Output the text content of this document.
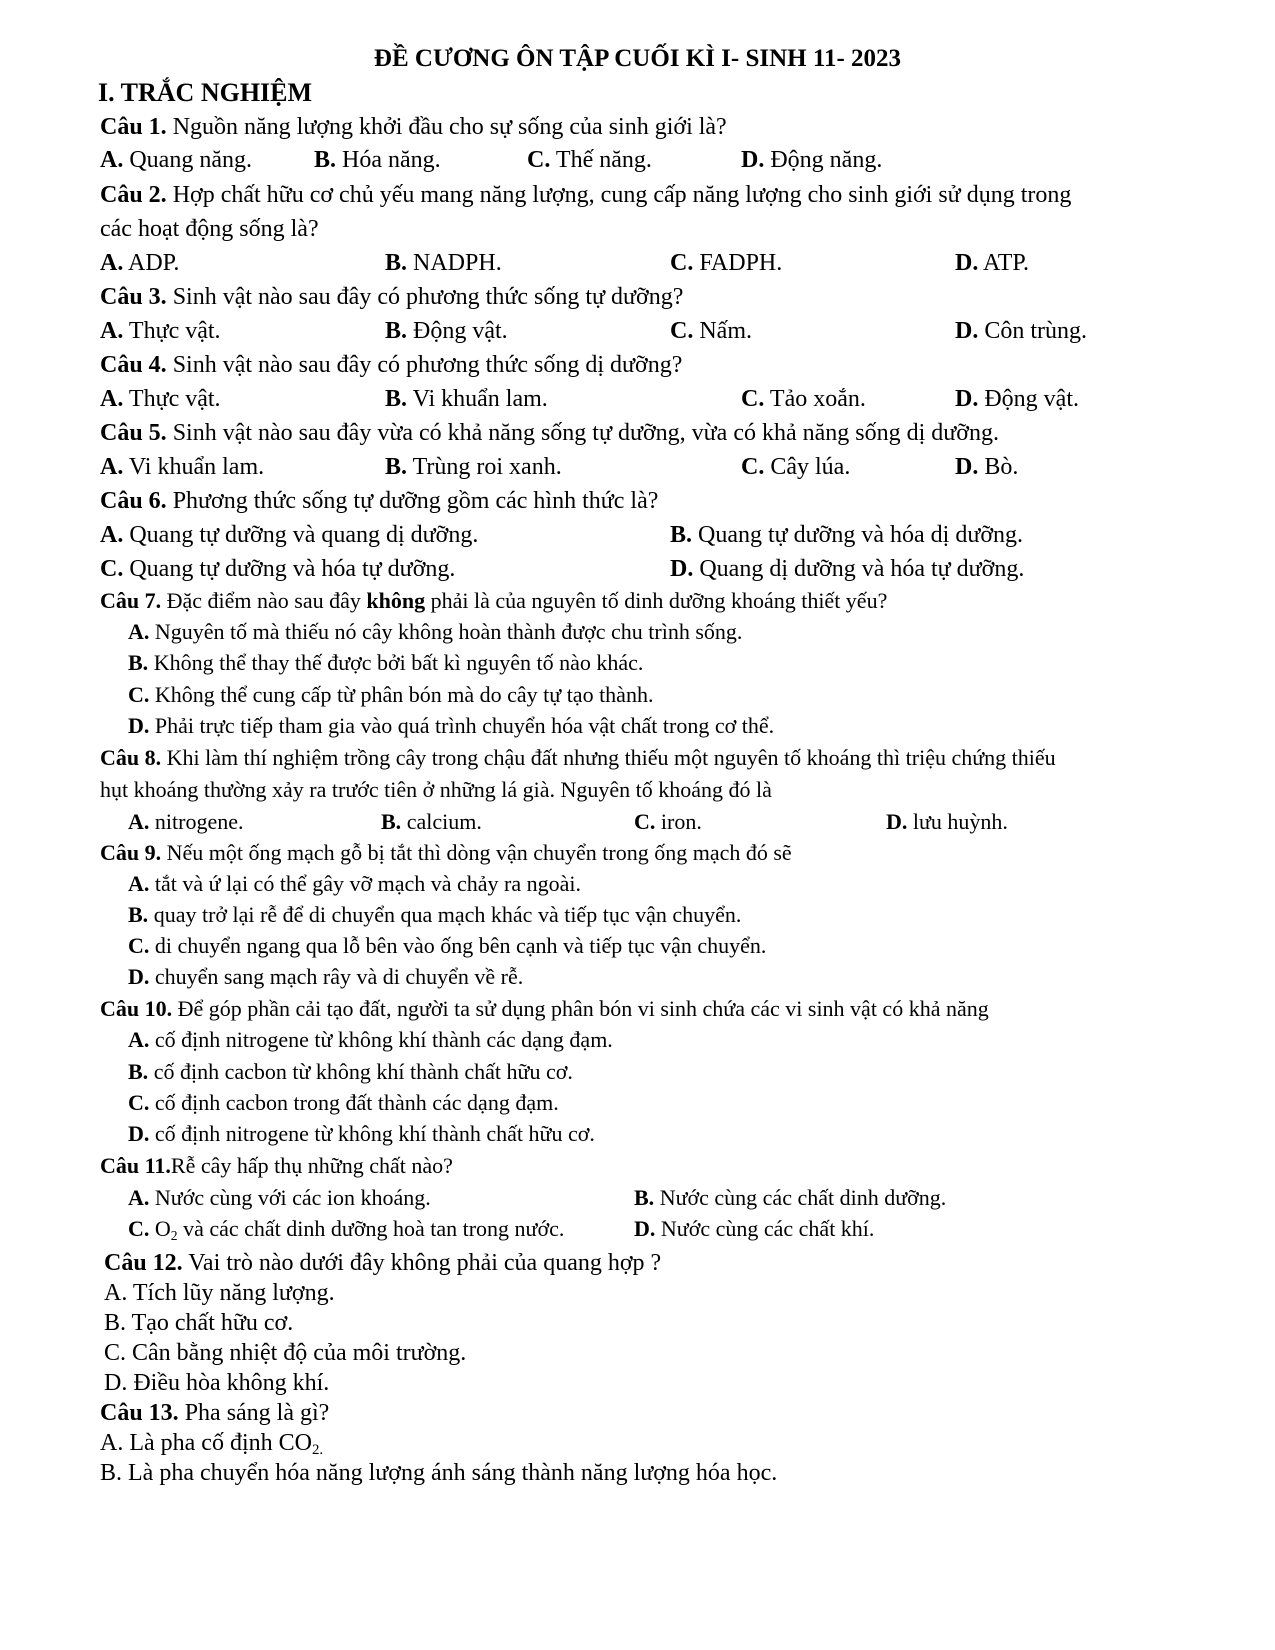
ĐỀ CƯƠNG ÔN TẬP CUỐI KÌ I- SINH 11- 2023
I. TRẮC NGHIỆM
Câu 1. Nguồn năng lượng khởi đầu cho sự sống của sinh giới là?
A. Quang năng.	B. Hóa năng.	C. Thế năng.	D. Động năng.
Câu 2. Hợp chất hữu cơ chủ yếu mang năng lượng, cung cấp năng lượng cho sinh giới sử dụng trong
các hoạt động sống là?
A. ADP.	B. NADPH.	C. FADPH.	D. ATP.
Câu 3. Sinh vật nào sau đây có phương thức sống tự dưỡng?
A. Thực vật.	B. Động vật.	C. Nấm.	D. Côn trùng.
Câu 4. Sinh vật nào sau đây có phương thức sống dị dưỡng?
A. Thực vật.	B. Vi khuẩn lam.	C. Tảo xoắn.	D. Động vật.
Câu 5. Sinh vật nào sau đây vừa có khả năng sống tự dưỡng, vừa có khả năng sống dị dưỡng.
A. Vi khuẩn lam.	B. Trùng roi xanh.	C. Cây lúa.	D. Bò.
Câu 6. Phương thức sống tự dưỡng gồm các hình thức là?
A. Quang tự dưỡng và quang dị dưỡng.	B. Quang tự dưỡng và hóa dị dưỡng.
C. Quang tự dưỡng và hóa tự dưỡng.	D. Quang dị dưỡng và hóa tự dưỡng.
Câu 7. Đặc điểm nào sau đây không phải là của nguyên tố dinh dưỡng khoáng thiết yếu?
A. Nguyên tố mà thiếu nó cây không hoàn thành được chu trình sống.
B. Không thể thay thế được bởi bất kì nguyên tố nào khác.
C. Không thể cung cấp từ phân bón mà do cây tự tạo thành.
D. Phải trực tiếp tham gia vào quá trình chuyển hóa vật chất trong cơ thể.
Câu 8. Khi làm thí nghiệm trồng cây trong chậu đất nhưng thiếu một nguyên tố khoáng thì triệu chứng thiếu
hụt khoáng thường xảy ra trước tiên ở những lá già. Nguyên tố khoáng đó là
A. nitrogene.	B. calcium.	C. iron.	D. lưu huỳnh.
Câu 9. Nếu một ống mạch gỗ bị tắt thì dòng vận chuyển trong ống mạch đó sẽ
A. tắt và ứ lại có thể gây vỡ mạch và chảy ra ngoài.
B. quay trở lại rễ để di chuyển qua mạch khác và tiếp tục vận chuyển.
C. di chuyển ngang qua lỗ bên vào ống bên cạnh và tiếp tục vận chuyển.
D. chuyển sang mạch rây và di chuyển về rễ.
Câu 10. Để góp phần cải tạo đất, người ta sử dụng phân bón vi sinh chứa các vi sinh vật có khả năng
A. cố định nitrogene từ không khí thành các dạng đạm.
B. cố định cacbon từ không khí thành chất hữu cơ.
C. cố định cacbon trong đất thành các dạng đạm.
D. cố định nitrogene từ không khí thành chất hữu cơ.
Câu 11.Rễ cây hấp thụ những chất nào?
A. Nước cùng với các ion khoáng.	B. Nước cùng các chất dinh dưỡng.
C. $O_2$ và các chất dinh dưỡng hoà tan trong nước.	D. Nước cùng các chất khí.
Câu 12. Vai trò nào dưới đây không phải của quang hợp ?
A. Tích lũy năng lượng.
B. Tạo chất hữu cơ.
C. Cân bằng nhiệt độ của môi trường.
D. Điều hòa không khí.
Câu 13. Pha sáng là gì?
A. Là pha cố định $CO_{2.}$
B. Là pha chuyển hóa năng lượng ánh sáng thành năng lượng hóa học.
